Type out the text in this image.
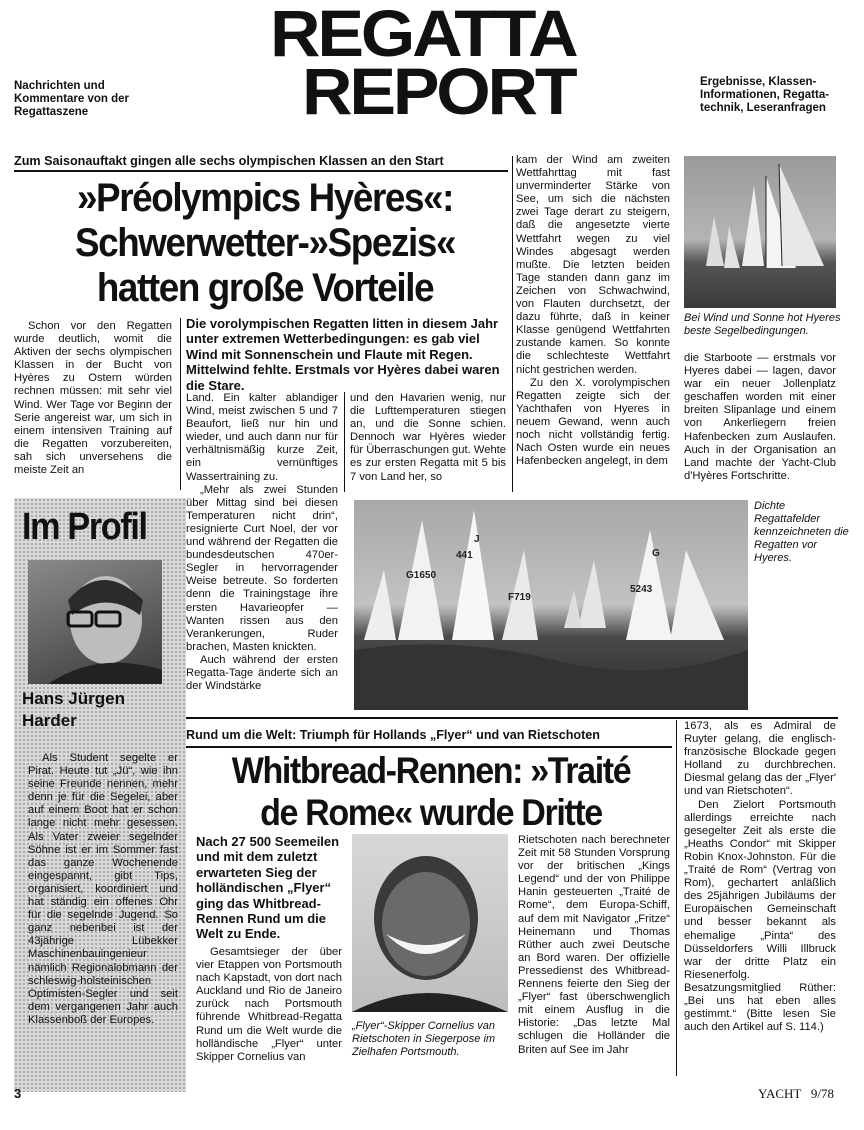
Nachrichten und Kommentare von der Regattaszene
REGATTA
REPORT	Ergebnisse, Klassen-Informationen, Regatta-technik, Leseranfragen
Zum Saisonauftakt gingen alle sechs olympischen Klassen an den Start
»Préolympics Hyères«:
Schwerwetter-»Spezis«
hatten große Vorteile

Schon vor den Regatten wurde deutlich, womit die Aktiven der sechs olympischen Klassen in der Bucht von Hyères zu Ostern würden rechnen müssen: mit sehr viel Wind. Wer Tage vor Beginn der Serie angereist war, um sich in einem intensiven Training auf die Regatten vorzubereiten, sah sich unversehens die meiste Zeit an

Die vorolympischen Regatten litten in diesem Jahr unter extremen Wetterbedingungen: es gab viel Wind mit Sonnenschein und Flaute mit Regen. Mittelwind fehlte. Erstmals vor Hyères dabei waren die Stare.

Land. Ein kalter ablandiger Wind, meist zwischen 5 und 7 Beaufort, ließ nur hin und wieder, und auch dann nur für verhältnismäßig kurze Zeit, ein vernünftiges Wassertraining zu.

„Mehr als zwei Stunden über Mittag sind bei diesen Temperaturen nicht drin“, resignierte Curt Noel, der vor und während der Regatten die bundesdeutschen 470er-Segler in hervorragender Weise betreute. So forderten denn die Trainingstage ihre ersten Havarieopfer — Wanten rissen aus den Verankerungen, Ruder brachen, Masten knickten.

Auch während der ersten Regatta-Tage änderte sich an der Windstärke

und den Havarien wenig, nur die Lufttemperaturen stiegen an, und die Sonne schien. Dennoch war Hyères wieder für Überraschungen gut. Wehte es zur ersten Regatta mit 5 bis 7 von Land her, so

kam der Wind am zweiten Wettfahrttag mit fast unverminderter Stärke von See, um sich die nächsten zwei Tage derart zu steigern, daß die angesetzte vierte Wettfahrt wegen zu viel Windes abgesagt werden mußte. Die letzten beiden Tage standen dann ganz im Zeichen von Schwachwind, von Flauten durchsetzt, der dazu führte, daß in keiner Klasse genügend Wettfahrten zustande kamen. So konnte die schlechteste Wettfahrt nicht gestrichen werden.

Zu den X. vorolympischen Regatten zeigte sich der Yachthafen von Hyeres in neuem Gewand, wenn auch noch nicht vollständig fertig. Nach Osten wurde ein neues Hafenbecken angelegt, in dem

Bei Wind und Sonne hot Hyeres beste Segelbedingungen.

die Starboote — erstmals vor Hyeres dabei — lagen, davor war ein neuer Jollenplatz geschaffen worden mit einer breiten Slipanlage und einem von Ankerliegern freien Hafenbecken zum Auslaufen. Auch in der Organisation an Land machte der Yacht-Club d'Hyères Fortschritte.

Im Profil
Hans Jürgen
Harder

Als Student segelte er Pirat. Heute tut „Jü“, wie ihn seine Freunde nennen, mehr denn je für die Segelei, aber auf einem Boot hat er schon lange nicht mehr gesessen. Als Vater zweier segelnder Söhne ist er im Sommer fast das ganze Wochenende eingespannt, gibt Tips, organisiert, koordiniert und hat ständig ein offenes Ohr für die segelnde Jugend. So ganz nebenbei ist der 43jährige Lübekker Maschinenbauingenieur nämlich Regionalobmann der schleswig-holsteinischen Optimisten-Segler und seit dem vergangenen Jahr auch Klassenboß der Europes.

G1650
441
F719
5243
J
G
Dichte Regattafelder kennzeichneten die Regatten vor Hyeres.
Rund um die Welt: Triumph für Hollands „Flyer“ und van Rietschoten
Whitbread-Rennen: »Traité
de Rome« wurde Dritte
Nach 27 500 Seemeilen und mit dem zuletzt erwarteten Sieg der holländischen „Flyer“ ging das Whitbread-Rennen Rund um die Welt zu Ende.

Gesamtsieger der über vier Etappen von Portsmouth nach Kapstadt, von dort nach Auckland und Rio de Janeiro zurück nach Portsmouth führende Whitbread-Regatta Rund um die Welt wurde die holländische „Flyer“ unter Skipper Cornelius van

„Flyer“-Skipper Cornelius van Rietschoten in Siegerpose im Zielhafen Portsmouth.

Rietschoten nach berechneter Zeit mit 58 Stunden Vorsprung vor der britischen „Kings Legend“ und der von Philippe Hanin gesteuerten „Traité de Rome“, dem Europa-Schiff, auf dem mit Navigator „Fritze“ Heinemann und Thomas Rüther auch zwei Deutsche an Bord waren. Der offizielle Pressedienst des Whitbread-Rennens feierte den Sieg der „Flyer“ fast überschwenglich mit einem Ausflug in die Historie: „Das letzte Mal schlugen die Holländer die Briten auf See im Jahr

1673, als es Admiral de Ruyter gelang, die englisch-französische Blockade gegen Holland zu durchbrechen. Diesmal gelang das der „Flyer' und van Rietschoten“.

Den Zielort Portsmouth allerdings erreichte nach gesegelter Zeit als erste die „Heaths Condor“ mit Skipper Robin Knox-Johnston. Für die „Traité de Rom“ (Vertrag von Rom), gechartert anläßlich des 25jährigen Jubiläums der Europäischen Gemeinschaft und besser bekannt als ehemalige „Pinta“ des Düsseldorfers Willi Illbruck war der dritte Platz ein Riesenerfolg. Besatzungsmitglied Rüther: „Bei uns hat eben alles gestimmt.“ (Bitte lesen Sie auch den Artikel auf S. 114.)

3	YACHT   9/78
